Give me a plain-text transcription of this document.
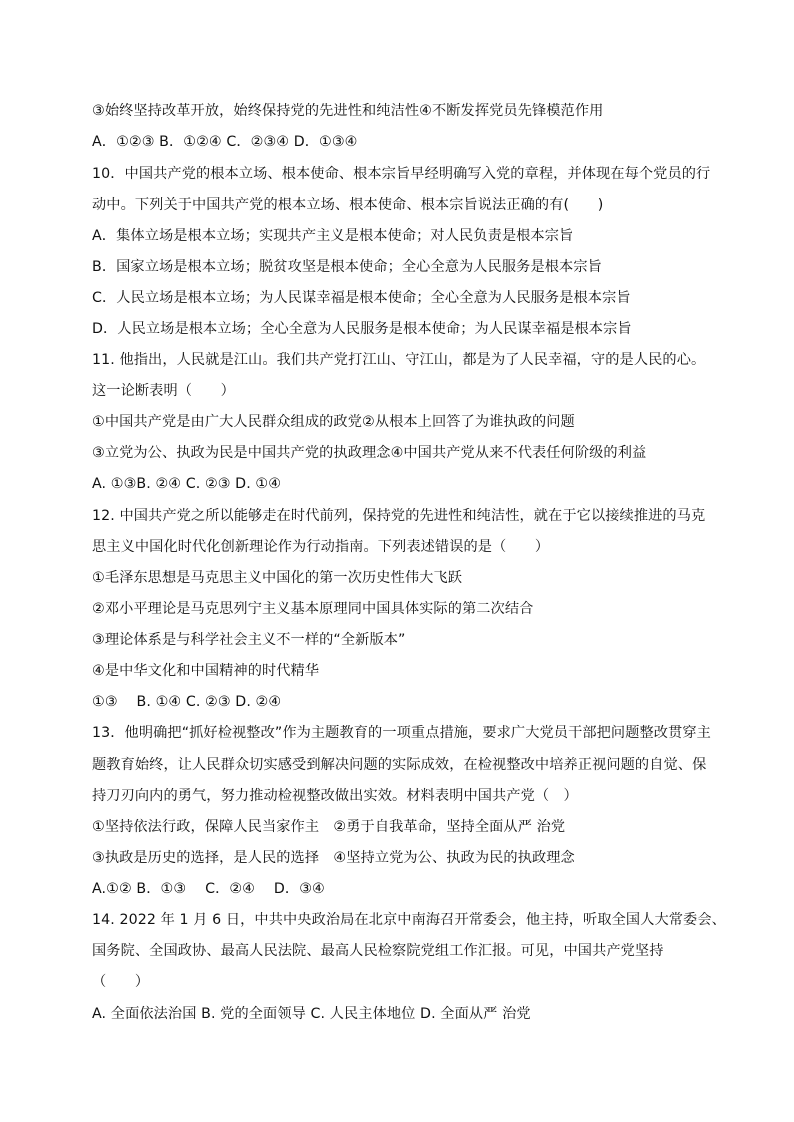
③始终坚持改革开放，始终保持党的先进性和纯洁性④不断发挥党员先锋模范作用
A．①②③ B．①②④ C．②③④ D．①③④
10．中国共产党的根本立场、根本使命、根本宗旨早经明确写入党的章程，并体现在每个党员的行
动中。下列关于中国共产党的根本立场、根本使命、根本宗旨说法正确的有(　　)
A．集体立场是根本立场；实现共产主义是根本使命；对人民负责是根本宗旨
B．国家立场是根本立场；脱贫攻坚是根本使命；全心全意为人民服务是根本宗旨
C．人民立场是根本立场；为人民谋幸福是根本使命；全心全意为人民服务是根本宗旨
D．人民立场是根本立场；全心全意为人民服务是根本使命；为人民谋幸福是根本宗旨
11. 他指出，人民就是江山。我们共产党打江山、守江山，都是为了人民幸福，守的是人民的心。
这一论断表明（　　）
①中国共产党是由广大人民群众组成的政党②从根本上回答了为谁执政的问题
③立党为公、执政为民是中国共产党的执政理念④中国共产党从来不代表任何阶级的利益
A. ①③B. ②④ C. ②③ D. ①④
12. 中国共产党之所以能够走在时代前列，保持党的先进性和纯洁性，就在于它以接续推进的马克
思主义中国化时代化创新理论作为行动指南。下列表述错误的是（　　）
①毛泽东思想是马克思主义中国化的第一次历史性伟大飞跃
②邓小平理论是马克思列宁主义基本原理同中国具体实际的第二次结合
③理论体系是与科学社会主义不一样的“全新版本”
④是中华文化和中国精神的时代精华
①③　 B. ①④ C. ②③ D. ②④
13．他明确把“抓好检视整改”作为主题教育的一项重点措施，要求广大党员干部把问题整改贯穿主
题教育始终，让人民群众切实感受到解决问题的实际成效，在检视整改中培养正视问题的自觉、保
持刀刃向内的勇气，努力推动检视整改做出实效。材料表明中国共产党（　）
①坚持依法行政，保障人民当家作主　②勇于自我革命，坚持全面从严 治党
③执政是历史的选择，是人民的选择　④坚持立党为公、执政为民的执政理念
A.①② B．①③　 C．②④　 D．③④
14. 2022 年 1 月 6 日，中共中央政治局在北京中南海召开常委会，他主持，听取全国人大常委会、
国务院、全国政协、最高人民法院、最高人民检察院党组工作汇报。可见，中国共产党坚持
（　　）
A. 全面依法治国 B. 党的全面领导 C. 人民主体地位 D. 全面从严 治党
